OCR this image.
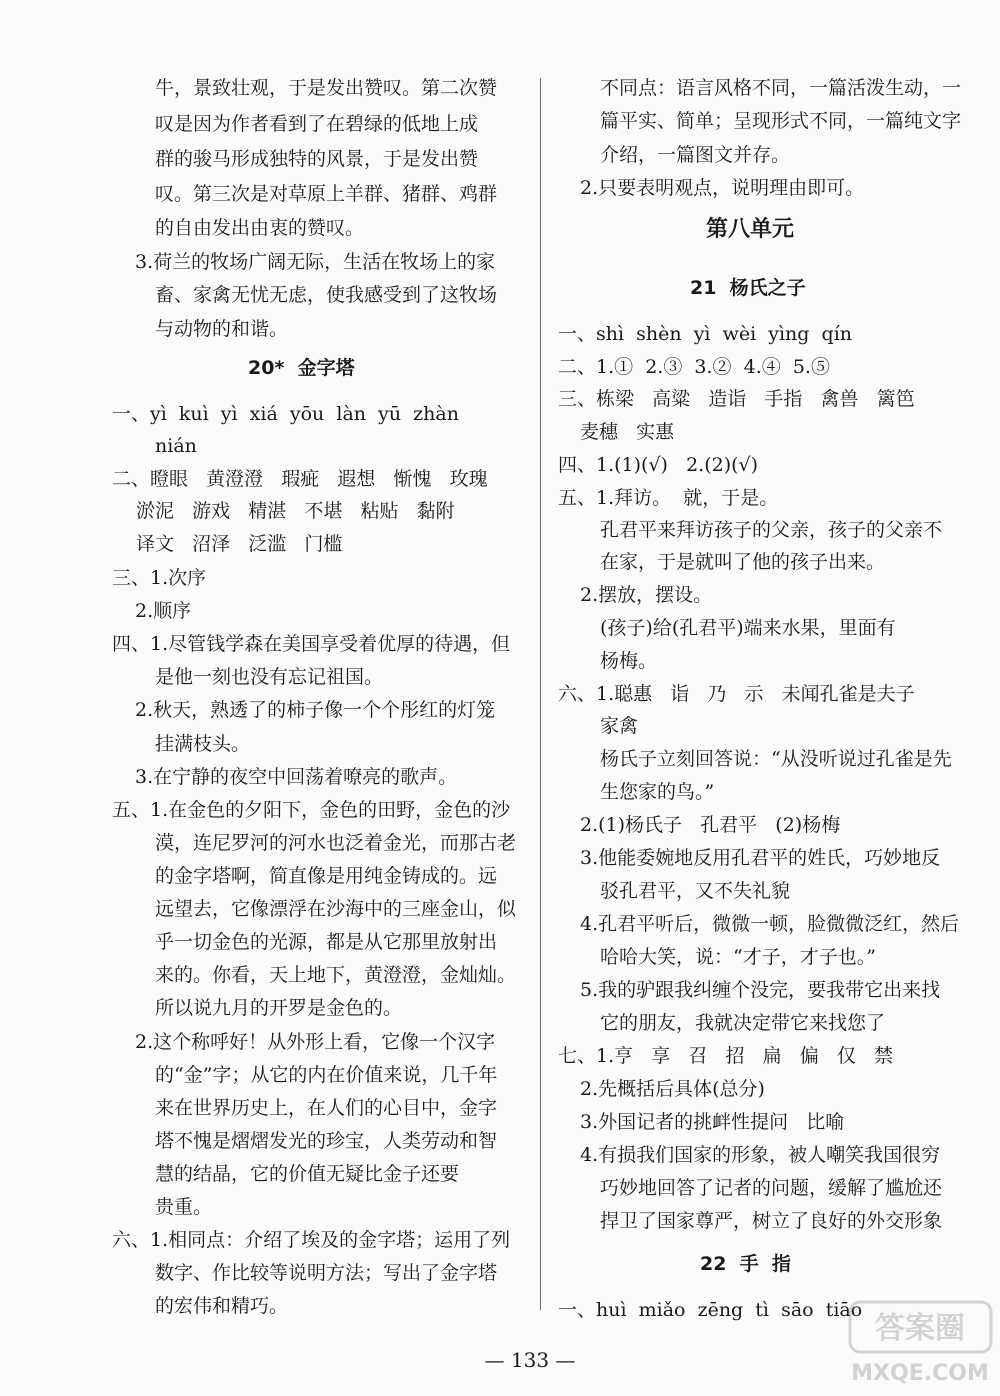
牛，景致壮观，于是发出赞叹。第二次赞
叹是因为作者看到了在碧绿的低地上成
群的骏马形成独特的风景，于是发出赞
叹。第三次是对草原上羊群、猪群、鸡群
的自由发出由衷的赞叹。
3.荷兰的牧场广阔无际，生活在牧场上的家
畜、家禽无忧无虑，使我感受到了这牧场
与动物的和谐。
20*  金字塔
一、yì  kuì  yì  xiá  yōu  làn  yū  zhàn
nián
二、瞪眼   黄澄澄   瑕疵   遐想   惭愧   玫瑰
淤泥   游戏   精湛   不堪   粘贴   黏附
译文   沼泽   泛滥   门槛
三、1.次序
2.顺序
四、1.尽管钱学森在美国享受着优厚的待遇，但
是他一刻也没有忘记祖国。
2.秋天，熟透了的柿子像一个个彤红的灯笼
挂满枝头。
3.在宁静的夜空中回荡着嘹亮的歌声。
五、1.在金色的夕阳下，金色的田野，金色的沙
漠，连尼罗河的河水也泛着金光，而那古老
的金字塔啊，简直像是用纯金铸成的。远
远望去，它像漂浮在沙海中的三座金山，似
乎一切金色的光源，都是从它那里放射出
来的。你看，天上地下，黄澄澄，金灿灿。
所以说九月的开罗是金色的。
2.这个称呼好！从外形上看，它像一个汉字
的“金”字；从它的内在价值来说，几千年
来在世界历史上，在人们的心目中，金字
塔不愧是熠熠发光的珍宝，人类劳动和智
慧的结晶，它的价值无疑比金子还要
贵重。
六、1.相同点：介绍了埃及的金字塔；运用了列
数字、作比较等说明方法；写出了金字塔
的宏伟和精巧。
不同点：语言风格不同，一篇活泼生动，一
篇平实、简单；呈现形式不同，一篇纯文字
介绍，一篇图文并存。
2.只要表明观点，说明理由即可。
第八单元
21  杨氏之子
一、shì  shèn  yì  wèi  yìng  qín
二、1.①  2.③  3.②  4.④  5.⑤
三、栋梁   高粱   造诣   手指   禽兽   篱笆
麦穗   实惠
四、1.(1)(√)   2.(2)(√)
五、1.拜访。  就，于是。
孔君平来拜访孩子的父亲，孩子的父亲不
在家，于是就叫了他的孩子出来。
2.摆放，摆设。
(孩子)给(孔君平)端来水果，里面有
杨梅。
六、1.聪惠   诣   乃   示   未闻孔雀是夫子
家禽
杨氏子立刻回答说：“从没听说过孔雀是先
生您家的鸟。”
2.(1)杨氏子   孔君平   (2)杨梅
3.他能委婉地反用孔君平的姓氏，巧妙地反
驳孔君平，又不失礼貌
4.孔君平听后，微微一顿，脸微微泛红，然后
哈哈大笑，说：“才子，才子也。”
5.我的驴跟我纠缠个没完，要我带它出来找
它的朋友，我就决定带它来找您了
七、1.亨   享   召   招   扁   偏   仅   禁
2.先概括后具体(总分)
3.外国记者的挑衅性提问   比喻
4.有损我们国家的形象，被人嘲笑我国很穷
巧妙地回答了记者的问题，缓解了尴尬还
捍卫了国家尊严，树立了良好的外交形象
22  手  指
一、huì  miǎo  zēng  tì  sāo  tiāo
— 133 —
答案圈
MXQE.COM
